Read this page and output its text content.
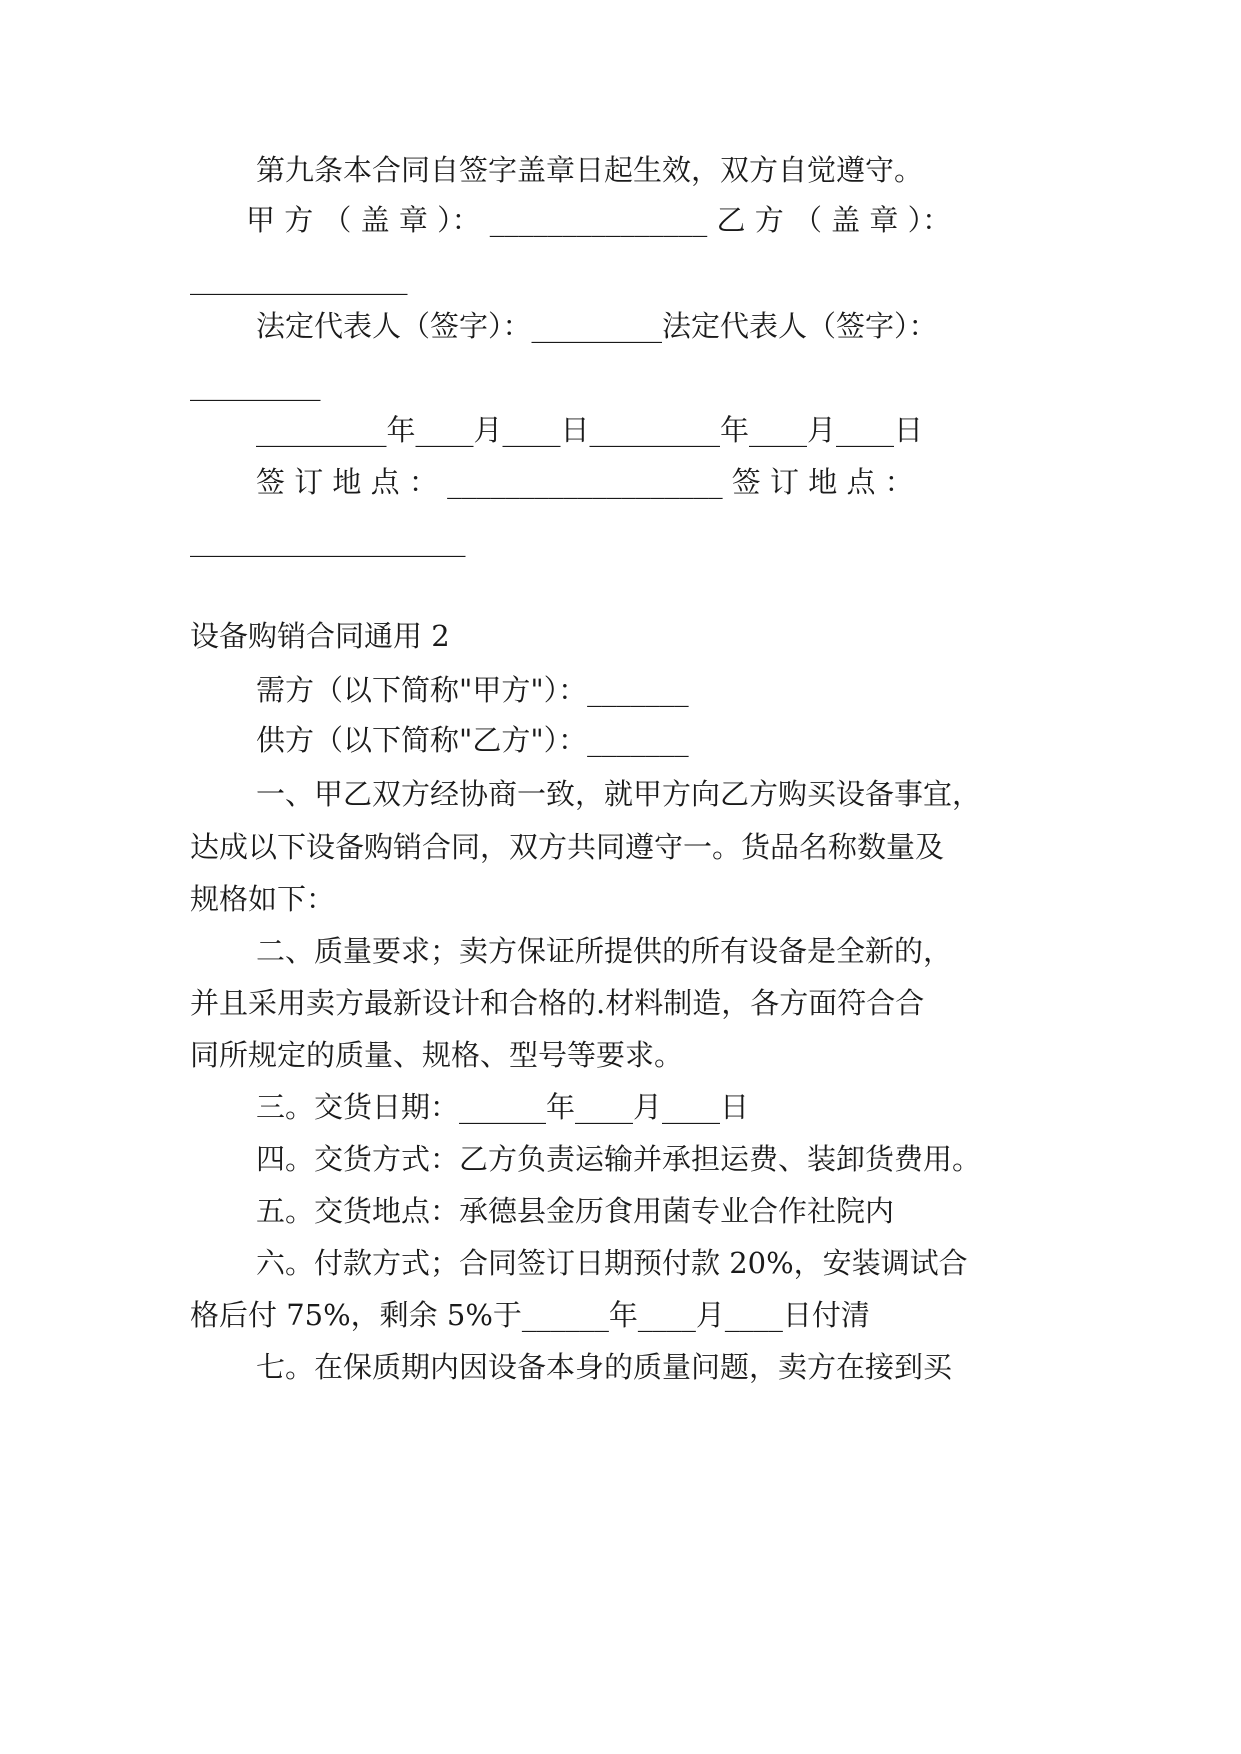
第九条本合同自签字盖章日起生效，双方自觉遵守。
甲 方 （ 盖 章 ）： _______________ 乙 方 （ 盖 章 ）：
_______________
法定代表人（签字）：_________法定代表人（签字）：
_________
_________年____月____日_________年____月____日
签 订 地 点 ： ___________________ 签 订 地 点 ：
___________________
设备购销合同通用 2
需方（以下简称"甲方"）：_______
供方（以下简称"乙方"）：_______
一、甲乙双方经协商一致，就甲方向乙方购买设备事宜，
达成以下设备购销合同，双方共同遵守一。货品名称数量及
规格如下：
二、质量要求；卖方保证所提供的所有设备是全新的，
并且采用卖方最新设计和合格的.材料制造，各方面符合合
同所规定的质量、规格、型号等要求。
三。交货日期：______年____月____日
四。交货方式：乙方负责运输并承担运费、装卸货费用。
五。交货地点：承德县金历食用菌专业合作社院内
六。付款方式；合同签订日期预付款 20%，安装调试合
格后付 75%，剩余 5%于______年____月____日付清
七。在保质期内因设备本身的质量问题，卖方在接到买
